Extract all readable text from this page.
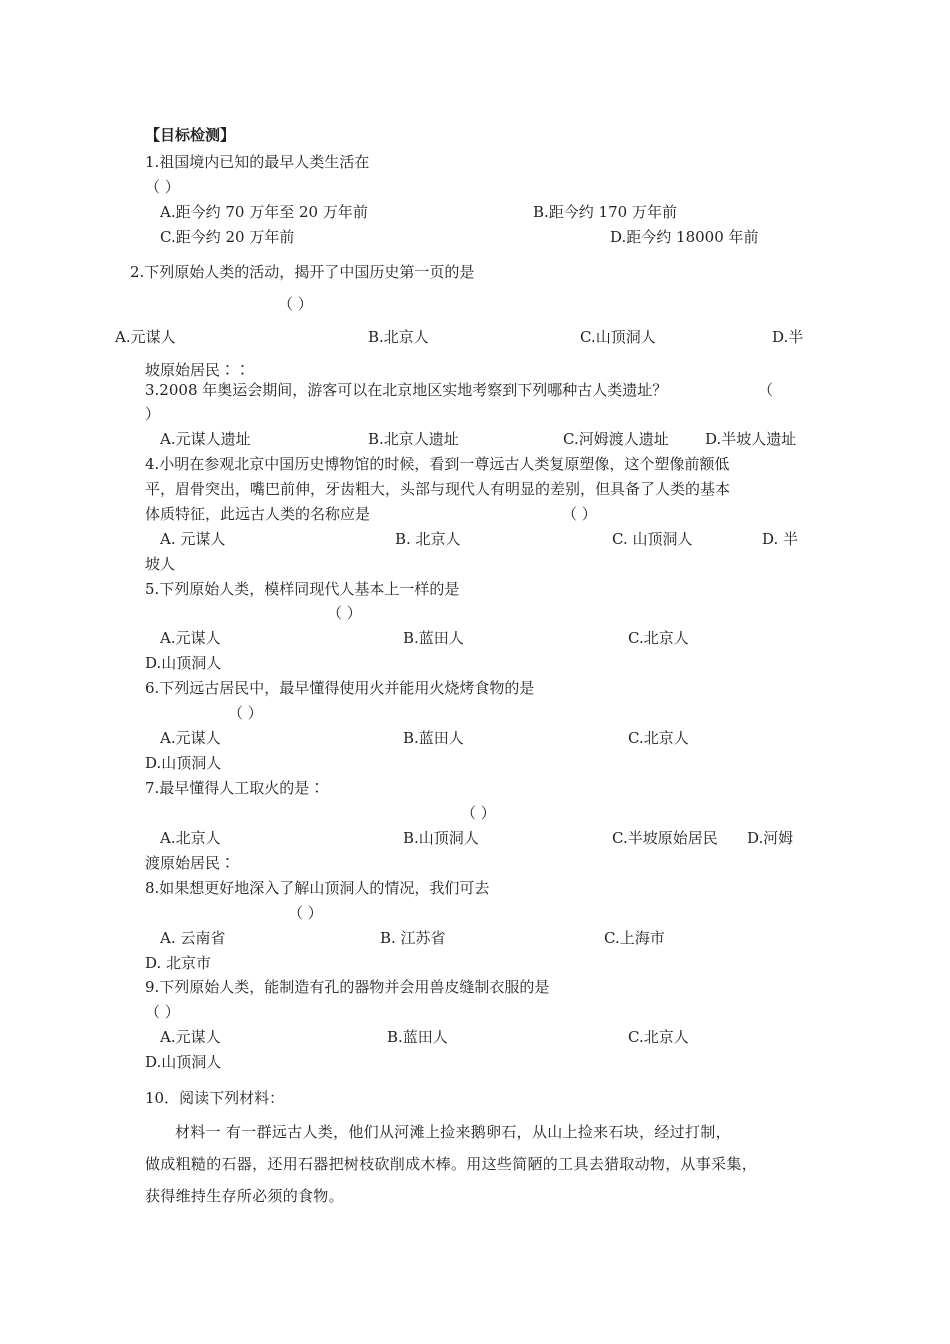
【目标检测】
1.祖国境内已知的最早人类生活在
（ ）
A.距今约 70 万年至 20 万年前	B.距今约 170 万年前
C.距今约 20 万年前	D.距今约 18000 年前
2.下列原始人类的活动，揭开了中国历史第一页的是
（ ）
A.元谋人	B.北京人	C.山顶洞人	D.半
坡原始居民∶∶
3.2008 年奥运会期间，游客可以在北京地区实地考察到下列哪种古人类遗址？	（
）
A.元谋人遗址	B.北京人遗址	C.河姆渡人遗址 D.半坡人遗址
4.小明在参观北京中国历史博物馆的时候，看到一尊远古人类复原塑像，这个塑像前额低
平，眉骨突出，嘴巴前伸，牙齿粗大，头部与现代人有明显的差别，但具备了人类的基本
体质特征，此远古人类的名称应是	（ ）
A. 元谋人	B. 北京人	C. 山顶洞人	D. 半
坡人
5.下列原始人类，模样同现代人基本上一样的是
（ ）
A.元谋人	B.蓝田人	C.北京人
D.山顶洞人
6.下列远古居民中，最早懂得使用火并能用火烧烤食物的是
（ ）
A.元谋人	B.蓝田人	C.北京人
D.山顶洞人
7.最早懂得人工取火的是∶
（ ）
A.北京人	B.山顶洞人	C.半坡原始居民 D.河姆
渡原始居民∶
8.如果想更好地深入了解山顶洞人的情况，我们可去
（ ）
A. 云南省	B. 江苏省	C.上海市
D. 北京市
9.下列原始人类，能制造有孔的器物并会用兽皮缝制衣服的是
（ ）
A.元谋人	B.蓝田人	C.北京人
D.山顶洞人
10．阅读下列材料：
材料一 有一群远古人类，他们从河滩上捡来鹅卵石，从山上捡来石块，经过打制，
做成粗糙的石器，还用石器把树枝砍削成木棒。用这些简陋的工具去猎取动物，从事采集，
获得维持生存所必须的食物。
